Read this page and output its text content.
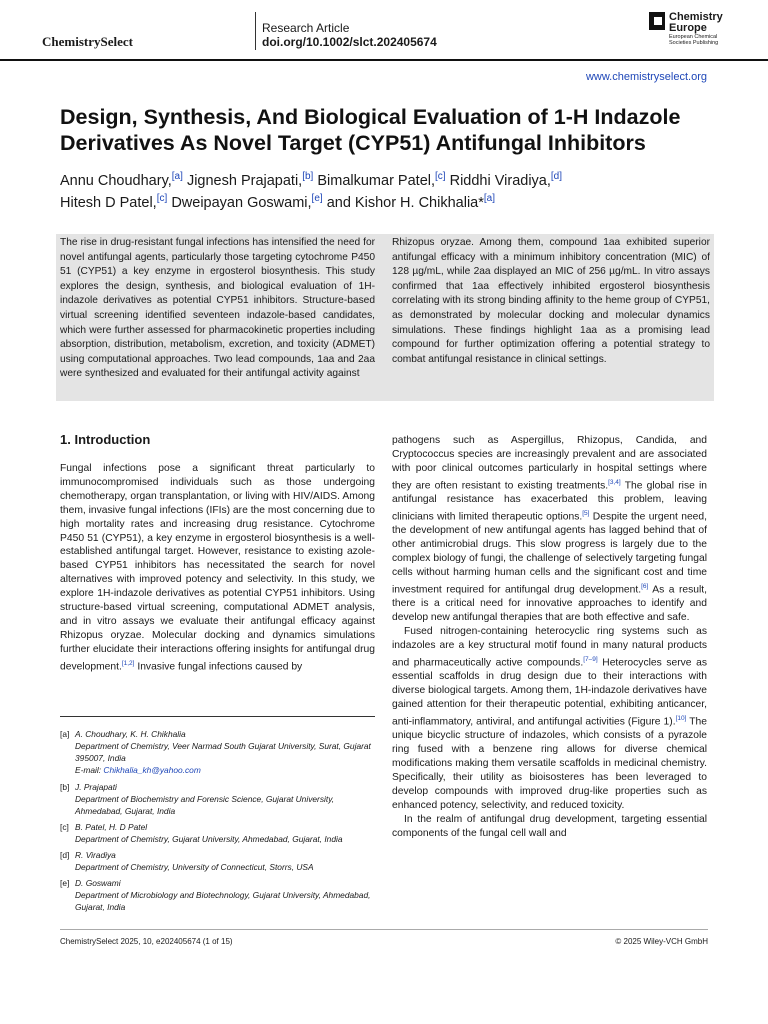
ChemistrySelect
Research Article
doi.org/10.1002/slct.202405674
Chemistry
Europe
European Chemical Societies Publishing
www.chemistryselect.org
Design, Synthesis, And Biological Evaluation of 1-H Indazole Derivatives As Novel Target (CYP51) Antifungal Inhibitors
Annu Choudhary,[a] Jignesh Prajapati,[b] Bimalkumar Patel,[c] Riddhi Viradiya,[d]
Hitesh D Patel,[c] Dweipayan Goswami,[e] and Kishor H. Chikhalia*[a]
The rise in drug-resistant fungal infections has intensified the need for novel antifungal agents, particularly those targeting cytochrome P450 51 (CYP51) a key enzyme in ergosterol biosynthesis. This study explores the design, synthesis, and biological evaluation of 1H-indazole derivatives as potential CYP51 inhibitors. Structure-based virtual screening identified seventeen indazole-based candidates, which were further assessed for pharmacokinetic properties including absorption, distribution, metabolism, excretion, and toxicity (ADMET) using computational approaches. Two lead compounds, 1aa and 2aa were synthesized and evaluated for their antifungal activity against
Rhizopus oryzae. Among them, compound 1aa exhibited superior antifungal efficacy with a minimum inhibitory concentration (MIC) of 128 µg/mL, while 2aa displayed an MIC of 256 µg/mL. In vitro assays confirmed that 1aa effectively inhibited ergosterol biosynthesis correlating with its strong binding affinity to the heme group of CYP51, as demonstrated by molecular docking and molecular dynamics simulations. These findings highlight 1aa as a promising lead compound for further optimization offering a potential strategy to combat antifungal resistance in clinical settings.
1. Introduction

Fungal infections pose a significant threat particularly to immunocompromised individuals such as those undergoing chemotherapy, organ transplantation, or living with HIV/AIDS. Among them, invasive fungal infections (IFIs) are the most concerning due to high mortality rates and increasing drug resistance. Cytochrome P450 51 (CYP51), a key enzyme in ergosterol biosynthesis is a well-established antifungal target. However, resistance to existing azole-based CYP51 inhibitors has necessitated the search for novel alternatives with improved potency and selectivity. In this study, we explore 1H-indazole derivatives as potential CYP51 inhibitors. Using structure-based virtual screening, computational ADMET analysis, and in vitro assays we evaluate their antifungal efficacy against Rhizopus oryzae. Molecular docking and dynamics simulations further elucidate their interactions offering insights for antifungal drug development.[1,2] Invasive fungal infections caused by

pathogens such as Aspergillus, Rhizopus, Candida, and Cryptococcus species are increasingly prevalent and are associated with poor clinical outcomes particularly in hospital settings where they are often resistant to existing treatments.[3,4] The global rise in antifungal resistance has exacerbated this problem, leaving clinicians with limited therapeutic options.[5] Despite the urgent need, the development of new antifungal agents has lagged behind that of other antimicrobial drugs. This slow progress is largely due to the complex biology of fungi, the challenge of selectively targeting fungal cells without harming human cells and the significant cost and time investment required for antifungal drug development.[6] As a result, there is a critical need for innovative approaches to identify and develop new antifungal therapies that are both effective and safe.

Fused nitrogen-containing heterocyclic ring systems such as indazoles are a key structural motif found in many natural products and pharmaceutically active compounds.[7–9] Heterocycles serve as essential scaffolds in drug design due to their interactions with diverse biological targets. Among them, 1H-indazole derivatives have gained attention for their therapeutic potential, exhibiting anticancer, anti-inflammatory, antiviral, and antifungal activities (Figure 1).[10] The unique bicyclic structure of indazoles, which consists of a pyrazole ring fused with a benzene ring allows for diverse chemical modifications making them versatile scaffolds in medicinal chemistry. Specifically, their utility as bioisosteres has been leveraged to develop compounds with improved drug-like properties such as enhanced potency, selectivity, and reduced toxicity.

In the realm of antifungal drug development, targeting essential components of the fungal cell wall and

[a] A. Choudhary, K. H. Chikhalia
Department of Chemistry, Veer Narmad South Gujarat University, Surat, Gujarat 395007, India
E-mail: Chikhalia_kh@yahoo.com
[b] J. Prajapati
Department of Biochemistry and Forensic Science, Gujarat University, Ahmedabad, Gujarat, India
[c] B. Patel, H. D Patel
Department of Chemistry, Gujarat University, Ahmedabad, Gujarat, India
[d] R. Viradiya
Department of Chemistry, University of Connecticut, Storrs, USA
[e] D. Goswami
Department of Microbiology and Biotechnology, Gujarat University, Ahmedabad, Gujarat, India
ChemistrySelect 2025, 10, e202405674 (1 of 15)	© 2025 Wiley-VCH GmbH
